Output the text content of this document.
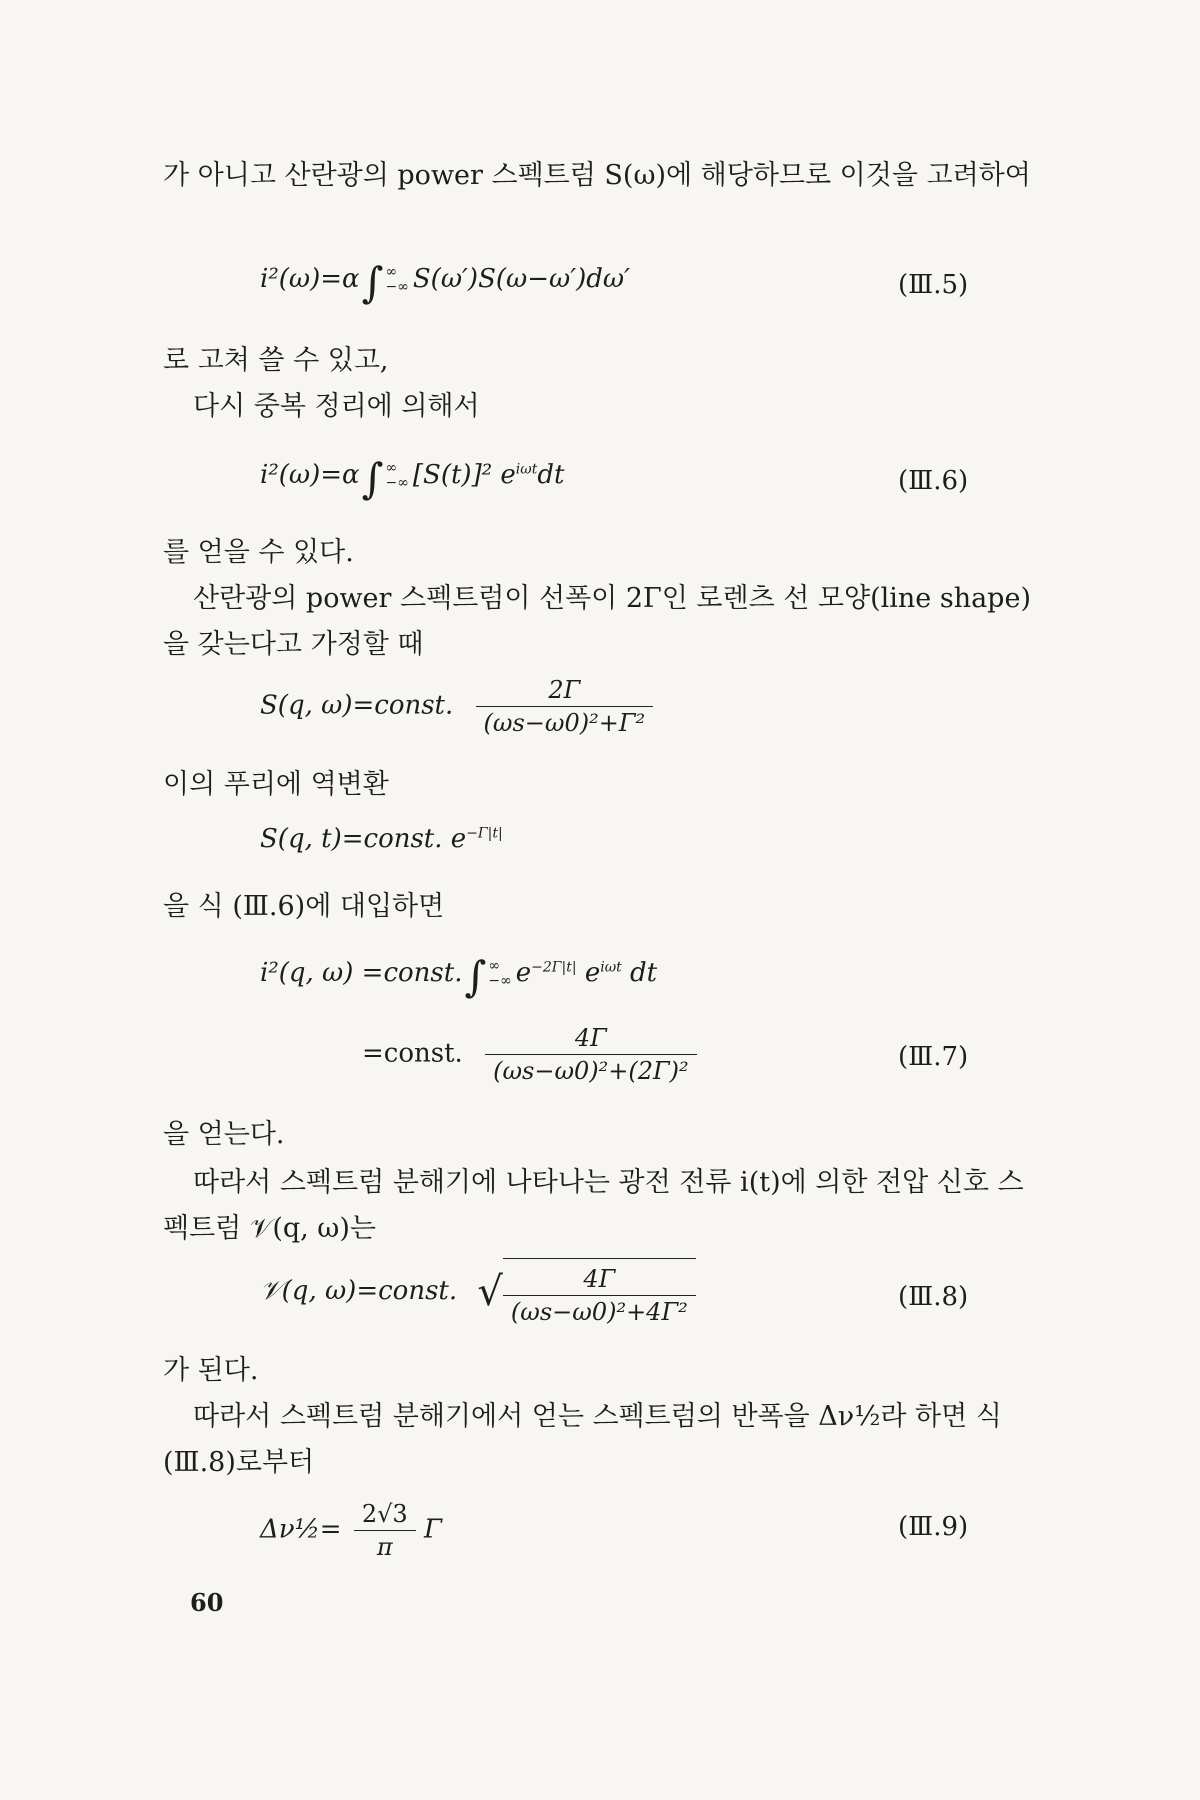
가 아니고 산란광의 power 스펙트럼 S(ω)에 해당하므로 이것을 고려하여
i²(ω)=α∫ ∞
−∞ S(ω′)S(ω−ω′)dω′	(Ⅲ.5)
로 고쳐 쓸 수 있고,
다시 중복 정리에 의해서
i²(ω)=α∫ ∞
−∞ [S(t)]² $e^{i\omega t}dt$	(Ⅲ.6)
를 얻을 수 있다.
산란광의 power 스펙트럼이 선폭이 2Γ인 로렌츠 선 모양(line shape)을 갖는다고 가정할 때
S(q, ω)=const. $\frac{2\Gamma}{\text{(ωs−ω0)²+Γ²}}$
이의 푸리에 역변환
S(q, t)=const. $e^{-\Gamma|t|}$
을 식 (Ⅲ.6)에 대입하면
i²(q, ω) =const.∫ ∞
−∞ $e^{-2\Gamma|t|}$ $e^{i\omega t}$ dt
=const. $\frac{4\Gamma}{\text{(ωs−ω0)²+(2Γ)²}}$	(Ⅲ.7)
을 얻는다.
따라서 스펙트럼 분해기에 나타나는 광전 전류 i(t)에 의한 전압 신호 스펙트럼 𝒱(q, ω)는
𝒱(q, ω)=const. √ $\frac{4\Gamma}{\text{(ωs−ω0)²+4Γ²}}$	(Ⅲ.8)
가 된다.
따라서 스펙트럼 분해기에서 얻는 스펙트럼의 반폭을 Δν½라 하면 식 (Ⅲ.8)로부터
Δν½= $\frac{2√3}{\pi}$ Γ	(Ⅲ.9)
60
